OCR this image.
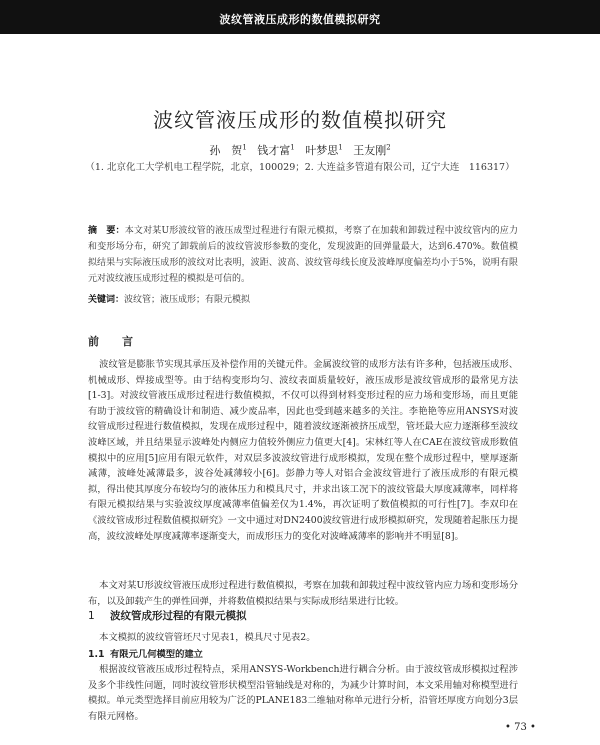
波纹管液压成形的数值模拟研究
波纹管液压成形的数值模拟研究
孙　贺$^1$ 钱才富$^1$ 叶梦思$^1$ 王友刚$^2$
（1. 北京化工大学机电工程学院，北京，100029；2. 大连益多管道有限公司，辽宁大连　116317）
摘　要：本文对某U形波纹管的液压成型过程进行有限元模拟，考察了在加载和卸载过程中波纹管内的应力和变形场分布，研究了卸载前后的波纹管波形参数的变化，发现波距的回弹量最大，达到6.470%。数值模拟结果与实际液压成形的波纹对比表明，波距、波高、波纹管母线长度及波峰厚度偏差均小于5%，说明有限元对波纹液压成形过程的模拟是可信的。
关键词：波纹管；液压成形；有限元模拟
前　言
波纹管是膨胀节实现其承压及补偿作用的关键元件。金属波纹管的成形方法有许多种，包括液压成形、机械成形、焊接成型等。由于结构变形均匀、波纹表面质量较好，液压成形是波纹管成形的最常见方法[1-3]。对波纹管液压成形过程进行数值模拟，不仅可以得到材料变形过程的应力场和变形场，而且更能有助于波纹管的精确设计和制造、减少废品率，因此也受到越来越多的关注。李艳艳等应用ANSYS对波纹管成形过程进行数值模拟，发现在成形过程中，随着波纹逐渐被挤压成型，管坯最大应力逐渐移至波纹波峰区域，并且结果显示波峰处内侧应力值较外侧应力值更大[4]。宋林红等人在CAE在波纹管成形数值模拟中的应用[5]应用有限元软件，对双层多波波纹管进行成形模拟，发现在整个成形过程中，壁厚逐渐减薄，波峰处减薄最多，波谷处减薄较小[6]。彭静力等人对铝合金波纹管进行了液压成形的有限元模拟，得出使其厚度分布较均匀的液体压力和模具尺寸，并求出该工况下的波纹管最大厚度减薄率，同样将有限元模拟结果与实验波纹厚度减薄率值偏差仅为1.4%，再次证明了数值模拟的可行性[7]。李双印在《波纹管成形过程数值模拟研究》一文中通过对DN2400波纹管进行成形模拟研究，发现随着起胀压力提高，波纹波峰处厚度减薄率逐渐变大，而成形压力的变化对波峰减薄率的影响并不明显[8]。
本文对某U形波纹管液压成形过程进行数值模拟，考察在加载和卸载过程中波纹管内应力场和变形场分布，以及卸载产生的弹性回弹，并将数值模拟结果与实际成形结果进行比较。
1 波纹管成形过程的有限元模拟
本文模拟的波纹管管坯尺寸见表1，模具尺寸见表2。
1.1 有限元几何模型的建立
根据波纹管液压成形过程特点，采用ANSYS-Workbench进行耦合分析。由于波纹管成形模拟过程涉及多个非线性问题，同时波纹管形状模型沿管轴线是对称的，为减少计算时间，本文采用轴对称模型进行模拟。单元类型选择目前应用较为广泛的PLANE183二维轴对称单元进行分析，沿管坯厚度方向划分3层有限元网格。
• 73 •
